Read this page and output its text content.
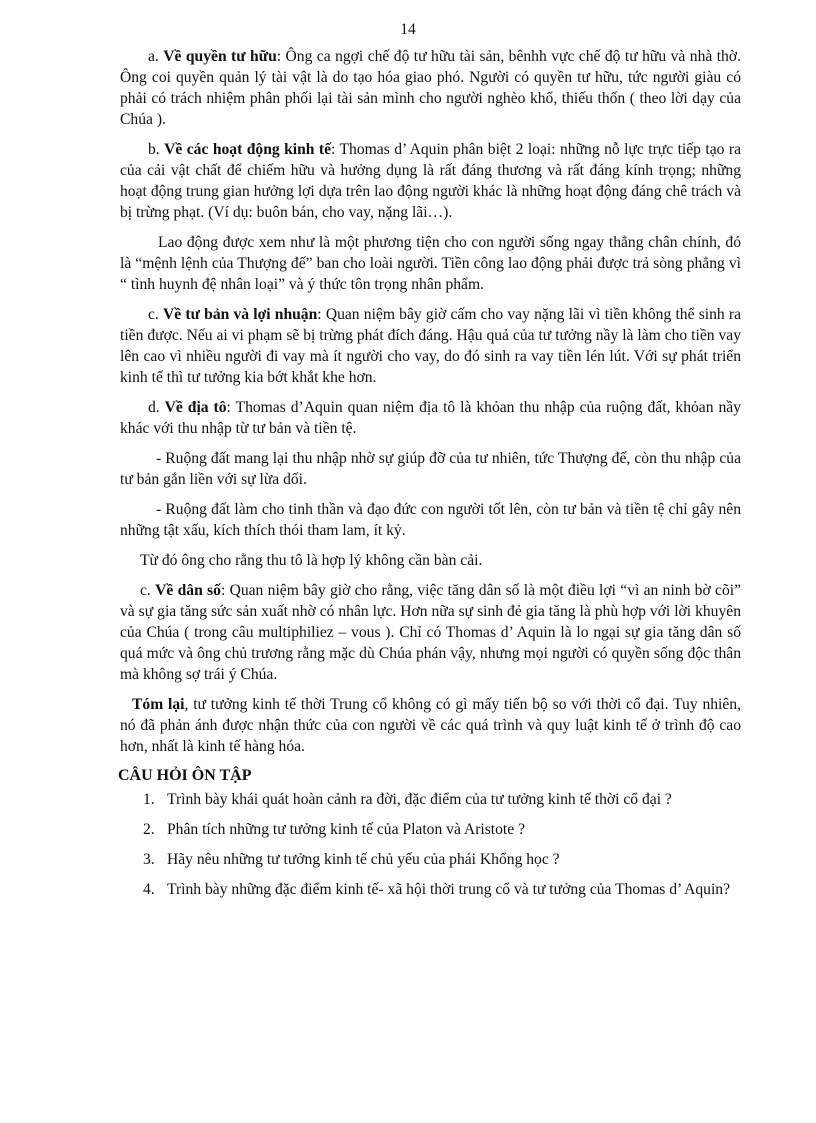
14

a. Về quyền tư hữu: Ông ca ngợi chế độ tư hữu tài sản, bênhh vực chế độ tư hữu và nhà thờ. Ông coi quyền quản lý tài vật là do tạo hóa giao phó. Người có quyền tư hữu, tức người giàu có phải có trách nhiệm phân phối lại tài sản mình cho người nghèo khổ, thiếu thốn ( theo lời dạy của Chúa ).

b. Về các hoạt động kinh tế: Thomas d’ Aquin phân biệt 2 loại: những nỗ lực trực tiếp tạo ra của cải vật chất để chiếm hữu và hưởng dụng là rất đáng thương và rất đáng kính trọng; những hoạt động trung gian hưởng lợi dựa trên lao động người khác là những hoạt động đáng chê trách và bị trừng phạt. (Ví dụ: buôn bán, cho vay, nặng lãi…).

Lao động được xem như là một phương tiện cho con người sống ngay thẳng chân chính, đó là “mệnh lệnh của Thượng đế” ban cho loài người. Tiền công lao động phải được trả sòng phẳng vì “ tình huynh đệ nhân loại” và ý thức tôn trọng nhân phẩm.

c. Về tư bản và lợi nhuận: Quan niệm bây giờ cấm cho vay nặng lãi vì tiền không thể sinh ra tiền được. Nếu ai vi phạm sẽ bị trừng phát đích đáng. Hậu quả của tư tưởng nầy là làm cho tiền vay lên cao vì nhiều người đi vay mà ít người cho vay, do đó sinh ra vay tiền lén lút. Với sự phát triển kinh tế thì tư tưởng kia bớt khắt khe hơn.

d. Về địa tô: Thomas d’Aquin quan niệm địa tô là khỏan thu nhập của ruộng đất, khỏan nầy khác với thu nhập từ tư bản và tiền tệ.

- Ruộng đất mang lại thu nhập nhờ sự giúp đỡ của tư nhiên, tức Thượng đế, còn thu nhập của tư bản gắn liền với sự lừa dối.

- Ruộng đất làm cho tinh thần và đạo đức con người tốt lên, còn tư bản và tiền tệ chỉ gây nên những tật xấu, kích thích thói tham lam, ít kỷ.

Từ đó ông cho rằng thu tô là hợp lý không cần bàn cải.

c. Về dân số: Quan niệm bây giờ cho rằng, việc tăng dân số là một điều lợi “vì an ninh bờ cõi” và sự gia tăng sức sản xuất nhờ có nhân lực. Hơn nữa sự sinh đẻ gia tăng là phù hợp với lời khuyên của Chúa ( trong câu multiphiliez – vous ). Chỉ có Thomas d’ Aquin là lo ngại sự gia tăng dân số quá mức và ông chủ trương rằng mặc dù Chúa phán vậy, nhưng mọi người có quyền sống độc thân mà không sợ trái ý Chúa.

Tóm lại, tư tưởng kinh tế thời Trung cổ không có gì mấy tiến bộ so với thời cổ đại. Tuy nhiên, nó đã phản ánh được nhận thức của con người về các quá trình và quy luật kinh tế ở trình độ cao hơn, nhất là kinh tế hàng hóa.

CÂU HỎI ÔN TẬP
1. Trình bày khái quát hoàn cảnh ra đời, đặc điểm của tư tưởng kinh tế thời cổ đại ?
2. Phân tích những tư tưởng kinh tế của Platon và Aristote ?
3. Hãy nêu những tư tưởng kinh tế chủ yếu của phái Khổng học ?
4. Trình bày những đặc điểm kinh tế- xã hội thời trung cổ và tư tưởng của Thomas d’ Aquin?
